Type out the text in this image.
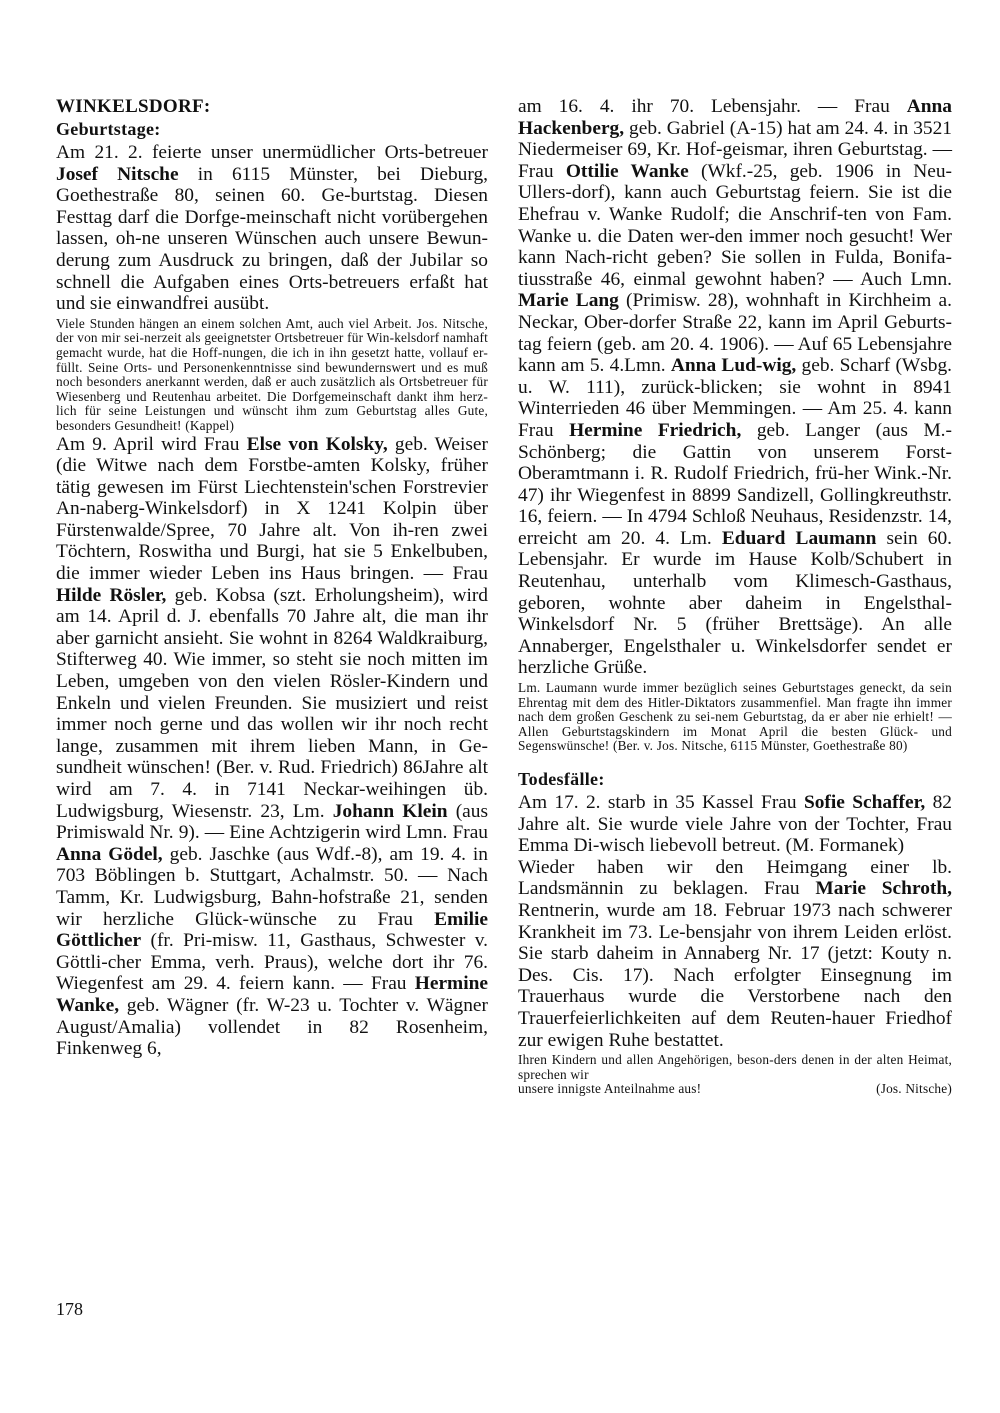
WINKELSDORF:
Geburtstage:

Am 21. 2. feierte unser unermüdlicher Orts-betreuer Josef Nitsche in 6115 Münster, bei Dieburg, Goethestraße 80, seinen 60. Ge-burtstag. Diesen Festtag darf die Dorfge-meinschaft nicht vorübergehen lassen, oh-ne unseren Wünschen auch unsere Bewun-derung zum Ausdruck zu bringen, daß der Jubilar so schnell die Aufgaben eines Orts-betreuers erfaßt hat und sie einwandfrei ausübt.

Viele Stunden hängen an einem solchen Amt, auch viel Arbeit. Jos. Nitsche, der von mir sei-nerzeit als geeignetster Ortsbetreuer für Win-kelsdorf namhaft gemacht wurde, hat die Hoff-nungen, die ich in ihn gesetzt hatte, vollauf er-füllt. Seine Orts- und Personenkenntnisse sind bewundernswert und es muß noch besonders anerkannt werden, daß er auch zusätzlich als Ortsbetreuer für Wiesenberg und Reutenhau arbeitet. Die Dorfgemeinschaft dankt ihm herz-lich für seine Leistungen und wünscht ihm zum Geburtstag alles Gute, besonders Gesundheit! (Kappel)

Am 9. April wird Frau Else von Kolsky, geb. Weiser (die Witwe nach dem Forstbe-amten Kolsky, früher tätig gewesen im Fürst Liechtenstein'schen Forstrevier An-naberg-Winkelsdorf) in X 1241 Kolpin über Fürstenwalde/Spree, 70 Jahre alt. Von ih-ren zwei Töchtern, Roswitha und Burgi, hat sie 5 Enkelbuben, die immer wieder Leben ins Haus bringen. — Frau Hilde Rösler, geb. Kobsa (szt. Erholungsheim), wird am 14. April d. J. ebenfalls 70 Jahre alt, die man ihr aber garnicht ansieht. Sie wohnt in 8264 Waldkraiburg, Stifterweg 40. Wie immer, so steht sie noch mitten im Leben, umgeben von den vielen Rösler-Kindern und Enkeln und vielen Freunden. Sie musiziert und reist immer noch gerne und das wollen wir ihr noch recht lange, zusammen mit ihrem lieben Mann, in Ge-sundheit wünschen! (Ber. v. Rud. Friedrich) 86Jahre alt wird am 7. 4. in 7141 Neckar-weihingen üb. Ludwigsburg, Wiesenstr. 23, Lm. Johann Klein (aus Primiswald Nr. 9). — Eine Achtzigerin wird Lmn. Frau Anna Gödel, geb. Jaschke (aus Wdf.-8), am 19. 4. in 703 Böblingen b. Stuttgart, Achalmstr. 50. — Nach Tamm, Kr. Ludwigsburg, Bahn-hofstraße 21, senden wir herzliche Glück-wünsche zu Frau Emilie Göttlicher (fr. Pri-misw. 11, Gasthaus, Schwester v. Göttli-cher Emma, verh. Praus), welche dort ihr 76. Wiegenfest am 29. 4. feiern kann. — Frau Hermine Wanke, geb. Wägner (fr. W-23 u. Tochter v. Wägner August/Amalia) vollendet in 82 Rosenheim, Finkenweg 6,

am 16. 4. ihr 70. Lebensjahr. — Frau Anna Hackenberg, geb. Gabriel (A-15) hat am 24. 4. in 3521 Niedermeiser 69, Kr. Hof-geismar, ihren Geburtstag. — Frau Ottilie Wanke (Wkf.-25, geb. 1906 in Neu-Ullers-dorf), kann auch Geburtstag feiern. Sie ist die Ehefrau v. Wanke Rudolf; die Anschrif-ten von Fam. Wanke u. die Daten wer-den immer noch gesucht! Wer kann Nach-richt geben? Sie sollen in Fulda, Bonifa-tiusstraße 46, einmal gewohnt haben? — Auch Lmn. Marie Lang (Primisw. 28), wohnhaft in Kirchheim a. Neckar, Ober-dorfer Straße 22, kann im April Geburts-tag feiern (geb. am 20. 4. 1906). — Auf 65 Lebensjahre kann am 5. 4.Lmn. Anna Lud-wig, geb. Scharf (Wsbg. u. W. 111), zurück-blicken; sie wohnt in 8941 Winterrieden 46 über Memmingen. — Am 25. 4. kann Frau Hermine Friedrich, geb. Langer (aus M.-Schönberg; die Gattin von unserem Forst-Oberamtmann i. R. Rudolf Friedrich, frü-her Wink.-Nr. 47) ihr Wiegenfest in 8899 Sandizell, Gollingkreuthstr. 16, feiern. — In 4794 Schloß Neuhaus, Residenzstr. 14, erreicht am 20. 4. Lm. Eduard Laumann sein 60. Lebensjahr. Er wurde im Hause Kolb/Schubert in Reutenhau, unterhalb vom Klimesch-Gasthaus, geboren, wohnte aber daheim in Engelsthal-Winkelsdorf Nr. 5 (früher Brettsäge). An alle Annaberger, Engelsthaler u. Winkelsdorfer sendet er herzliche Grüße.

Lm. Laumann wurde immer bezüglich seines Geburtstages geneckt, da sein Ehrentag mit dem des Hitler-Diktators zusammenfiel. Man fragte ihn immer nach dem großen Geschenk zu sei-nem Geburtstag, da er aber nie erhielt! — Allen Geburtstagskindern im Monat April die besten Glück- und Segenswünsche! (Ber. v. Jos. Nitsche, 6115 Münster, Goethestraße 80)

Todesfälle:

Am 17. 2. starb in 35 Kassel Frau Sofie Schaffer, 82 Jahre alt. Sie wurde viele Jahre von der Tochter, Frau Emma Di-wisch liebevoll betreut. (M. Formanek)

Wieder haben wir den Heimgang einer lb. Landsmännin zu beklagen. Frau Marie Schroth, Rentnerin, wurde am 18. Februar 1973 nach schwerer Krankheit im 73. Le-bensjahr von ihrem Leiden erlöst. Sie starb daheim in Annaberg Nr. 17 (jetzt: Kouty n. Des. Cis. 17). Nach erfolgter Einsegnung im Trauerhaus wurde die Verstorbene nach den Trauerfeierlichkeiten auf dem Reuten-hauer Friedhof zur ewigen Ruhe bestattet.

Ihren Kindern und allen Angehörigen, beson-ders denen in der alten Heimat, sprechen wir

unsere innigste Anteilnahme aus!	(Jos. Nitsche)

178
